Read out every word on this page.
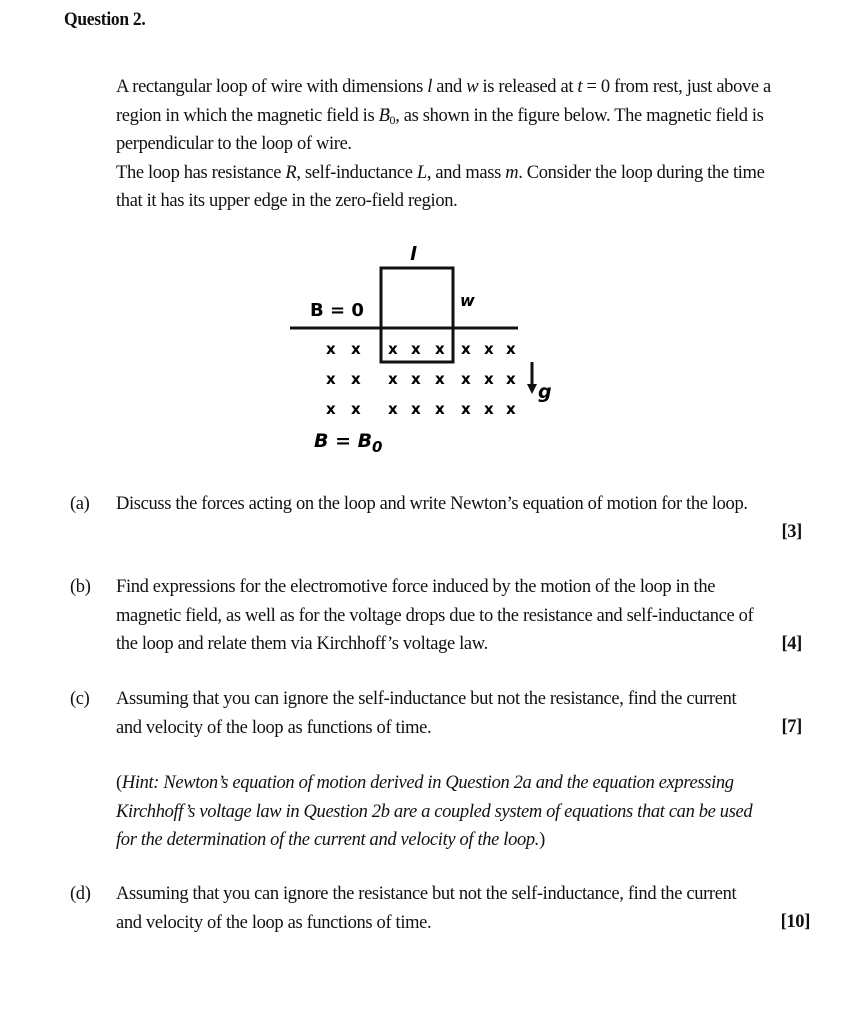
Question 2.

A rectangular loop of wire with dimensions l and w is released at t = 0 from rest, just above a region in which the magnetic field is → $B_0$, as shown in the figure below. The magnetic field is perpendicular to the loop of wire.

The loop has resistance R, self-inductance L, and mass m. Consider the loop during the time that it has its upper edge in the zero-field region.

l
w
B = 0
x x x x x x x x
x x x x x x x x
x x x x x x x x
g
B = B 0
(a) Discuss the forces acting on the loop and write Newton’s equation of motion for the loop.
[3]
(b) Find expressions for the electromotive force induced by the motion of the loop in the magnetic field, as well as for the voltage drops due to the resistance and self-inductance of the loop and relate them via Kirchhoff’s voltage law.	[4]
(c) Assuming that you can ignore the self-inductance but not the resistance, find the current and velocity of the loop as functions of time.	[7]
(Hint: Newton’s equation of motion derived in Question 2a and the equation expressing Kirchhoff’s voltage law in Question 2b are a coupled system of equations that can be used for the determination of the current and velocity of the loop.)
(d) Assuming that you can ignore the resistance but not the self-inductance, find the current and velocity of the loop as functions of time.	[10]
